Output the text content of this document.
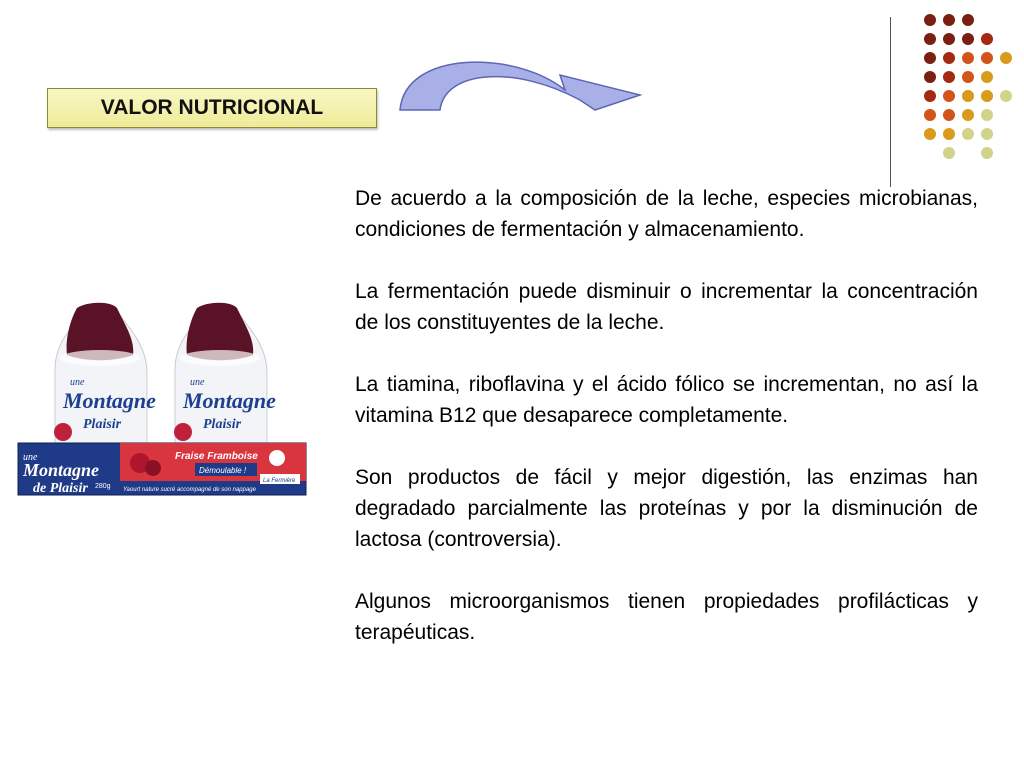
VALOR NUTRICIONAL

De acuerdo a la composición de la leche, especies microbianas, condiciones de fermentación y almacenamiento.

La fermentación puede disminuir o incrementar la concentración de los constituyentes de la leche.

La tiamina, riboflavina y el ácido fólico se incrementan, no así la vitamina B12 que desaparece completamente.

Son productos de fácil y mejor digestión, las enzimas han degradado parcialmente las proteínas y por la disminución de lactosa (controversia).

Algunos microorganismos tienen propiedades profilácticas y terapéuticas.

une
Montagne
Plaisir
une
Montagne
Plaisir
une
Montagne
de Plaisir
Fraise Framboise
Démoulable !
La Fermière
Yaourt nature sucré accompagné de son nappage
280g
